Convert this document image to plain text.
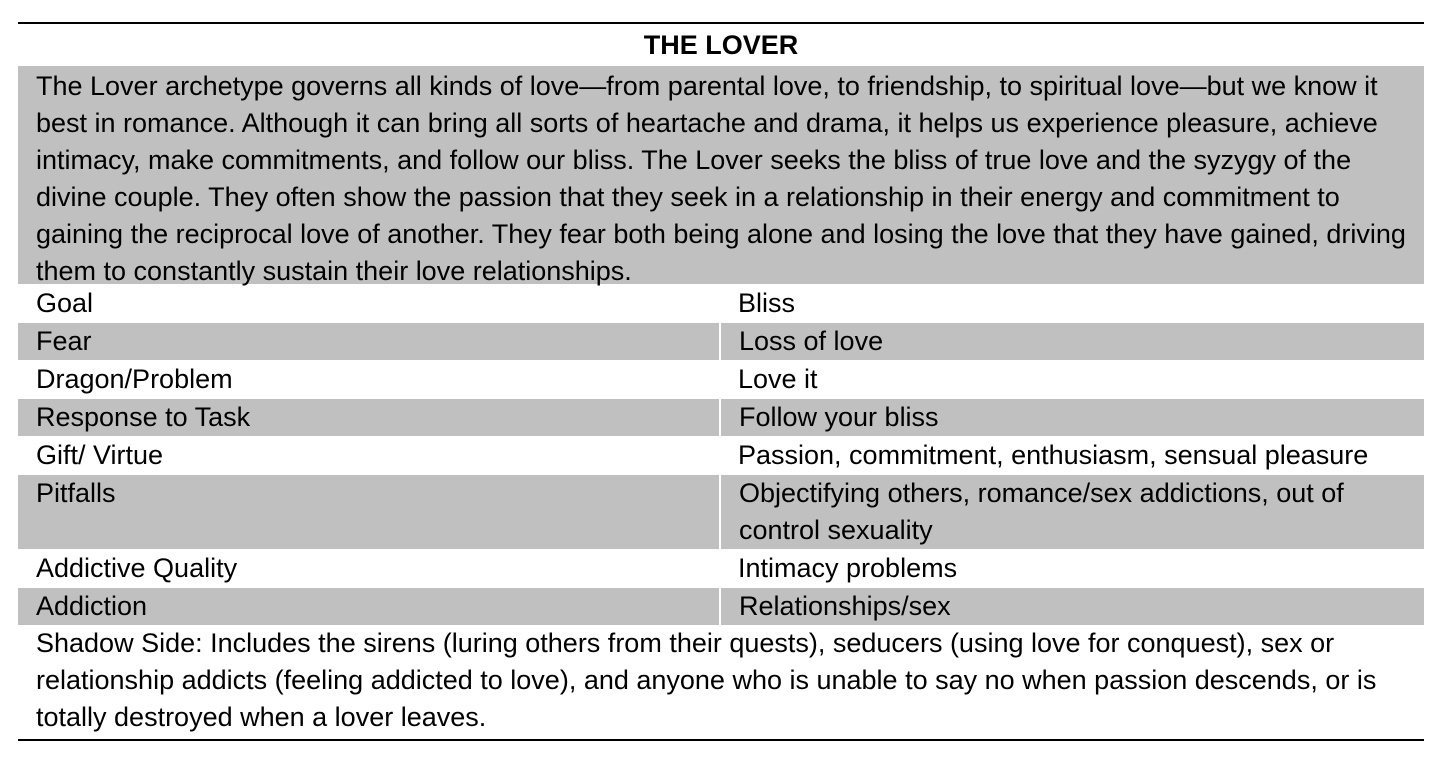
THE LOVER
The Lover archetype governs all kinds of love—from parental love, to friendship, to spiritual love—but we know it best in romance. Although it can bring all sorts of heartache and drama, it helps us experience pleasure, achieve intimacy, make commitments, and follow our bliss. The Lover seeks the bliss of true love and the syzygy of the divine couple. They often show the passion that they seek in a relationship in their energy and commitment to gaining the reciprocal love of another. They fear both being alone and losing the love that they have gained, driving them to constantly sustain their love relationships.
Goal	Bliss
Fear	Loss of love
Dragon/Problem	Love it
Response to Task	Follow your bliss
Gift/ Virtue	Passion, commitment, enthusiasm, sensual pleasure
Pitfalls	Objectifying others, romance/sex addictions, out of control sexuality
Addictive Quality	Intimacy problems
Addiction	Relationships/sex
Shadow Side: Includes the sirens (luring others from their quests), seducers (using love for conquest), sex or relationship addicts (feeling addicted to love), and anyone who is unable to say no when passion descends, or is totally destroyed when a lover leaves.
